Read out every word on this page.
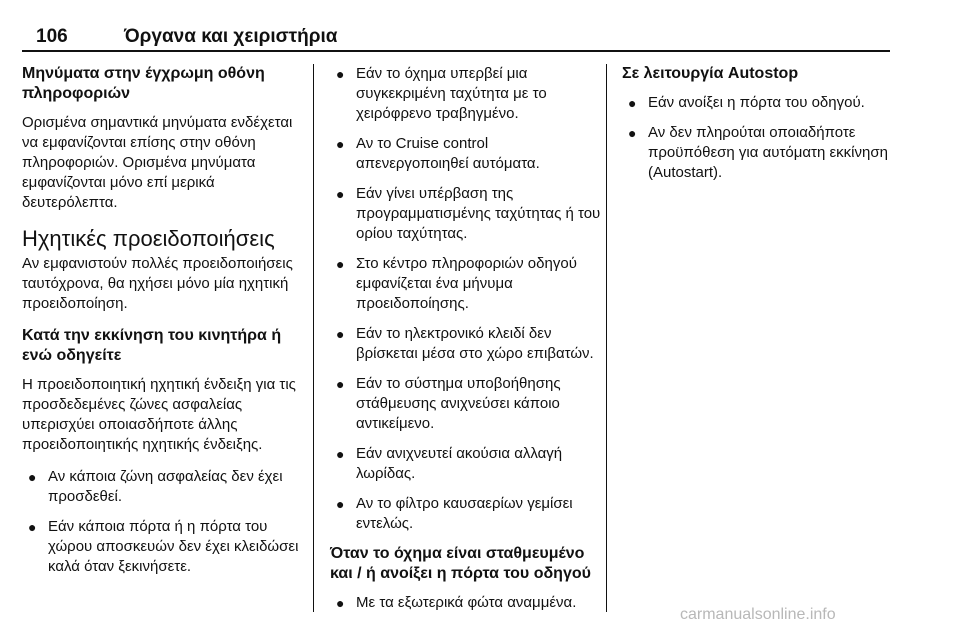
106	Όργανα και χειριστήρια
Μηνύματα στην έγχρωμη οθόνη πληροφοριών

Ορισμένα σημαντικά μηνύματα ενδέχεται να εμφανίζονται επίσης στην οθόνη πληροφοριών. Ορισμένα μηνύματα εμφανίζονται μόνο επί μερικά δευτερόλεπτα.

Ηχητικές προειδοποιήσεις

Αν εμφανιστούν πολλές προειδοποιήσεις ταυτόχρονα, θα ηχήσει μόνο μία ηχητική προειδοποίηση.

Κατά την εκκίνηση του κινητήρα ή ενώ οδηγείτε

Η προειδοποιητική ηχητική ένδειξη για τις προσδεδεμένες ζώνες ασφαλείας υπερισχύει οποιασδήποτε άλλης προειδοποιητικής ηχητικής ένδειξης.

● Αν κάποια ζώνη ασφαλείας δεν έχει προσδεθεί.
● Εάν κάποια πόρτα ή η πόρτα του χώρου αποσκευών δεν έχει κλειδώσει καλά όταν ξεκινήσετε.
● Εάν το όχημα υπερβεί μια συγκεκριμένη ταχύτητα με το χειρόφρενο τραβηγμένο.
● Αν το Cruise control απενεργοποιηθεί αυτόματα.
● Εάν γίνει υπέρβαση της προγραμματισμένης ταχύτητας ή του ορίου ταχύτητας.
● Στο κέντρο πληροφοριών οδηγού εμφανίζεται ένα μήνυμα προειδοποίησης.
● Εάν το ηλεκτρονικό κλειδί δεν βρίσκεται μέσα στο χώρο επιβατών.
● Εάν το σύστημα υποβοήθησης στάθμευσης ανιχνεύσει κάποιο αντικείμενο.
● Εάν ανιχνευτεί ακούσια αλλαγή λωρίδας.
● Αν το φίλτρο καυσαερίων γεμίσει εντελώς.
Όταν το όχημα είναι σταθμευμένο και / ή ανοίξει η πόρτα του οδηγού
● Με τα εξωτερικά φώτα αναμμένα.
Σε λειτουργία Autostop
● Εάν ανοίξει η πόρτα του οδηγού.
● Αν δεν πληρούται οποιαδήποτε προϋπόθεση για αυτόματη εκκίνηση (Autostart).
carmanualsonline.info
